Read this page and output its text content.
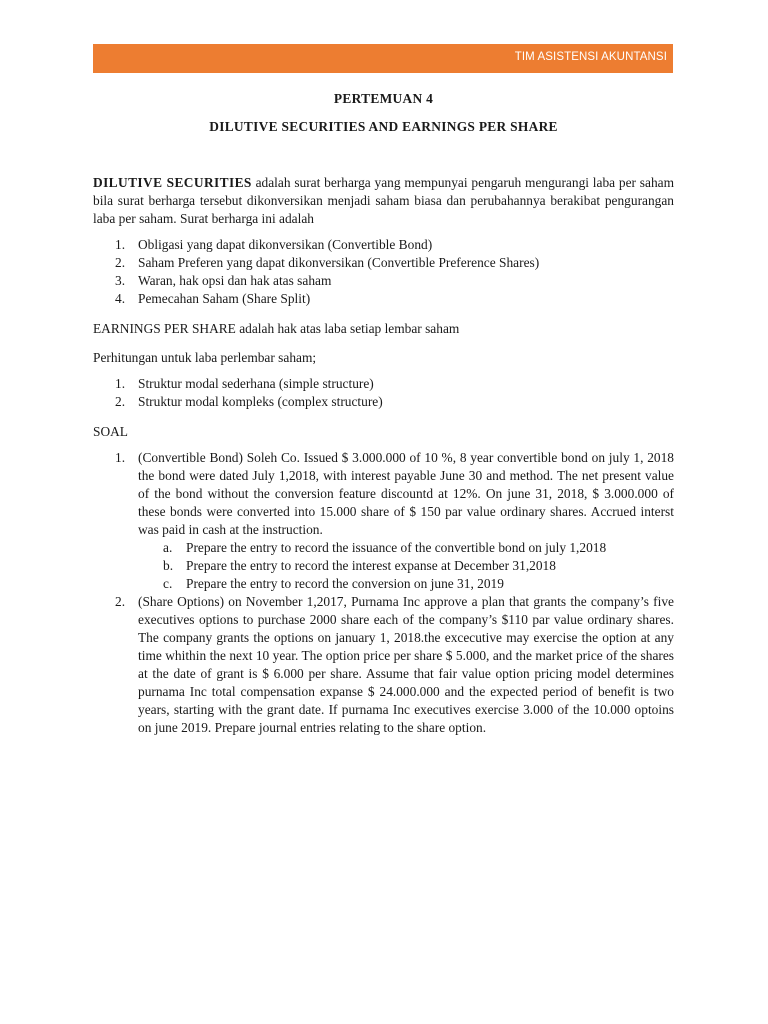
TIM ASISTENSI AKUNTANSI

PERTEMUAN 4

DILUTIVE SECURITIES AND EARNINGS PER SHARE

DILUTIVE SECURITIES adalah surat berharga yang mempunyai pengaruh mengurangi laba per saham bila surat berharga tersebut dikonversikan menjadi saham biasa dan perubahannya berakibat pengurangan laba per saham. Surat berharga ini adalah

1. Obligasi yang dapat dikonversikan (Convertible Bond)
2. Saham Preferen yang dapat dikonversikan (Convertible Preference Shares)
3. Waran, hak opsi dan hak atas saham
4. Pemecahan Saham (Share Split)

EARNINGS PER SHARE adalah hak atas laba setiap lembar saham

Perhitungan untuk laba perlembar saham;

1. Struktur modal sederhana (simple structure)
2. Struktur modal kompleks (complex structure)

SOAL

1. (Convertible Bond) Soleh Co. Issued $ 3.000.000 of 10 %, 8 year convertible bond on july 1, 2018 the bond were dated July 1,2018, with interest payable June 30 and method. The net present value of the bond without the conversion feature discountd at 12%. On june 31, 2018, $ 3.000.000 of these bonds were converted into 15.000 share of $ 150 par value ordinary shares. Accrued interst was paid in cash at the instruction.

a. Prepare the entry to record the issuance of the convertible bond on july 1,2018
b. Prepare the entry to record the interest expanse at December 31,2018
c. Prepare the entry to record the conversion on june 31, 2019
2. (Share Options) on November 1,2017, Purnama Inc approve a plan that grants the company’s five executives options to purchase 2000 share each of the company’s $110 par value ordinary shares. The company grants the options on january 1, 2018.the excecutive may exercise the option at any time whithin the next 10 year. The option price per share $ 5.000, and the market price of the shares at the date of grant is $ 6.000 per share. Assume that fair value option pricing model determines purnama Inc total compensation expanse $ 24.000.000 and the expected period of benefit is two years, starting with the grant date. If purnama Inc executives exercise 3.000 of the 10.000 optoins on june 2019. Prepare journal entries relating to the share option.
